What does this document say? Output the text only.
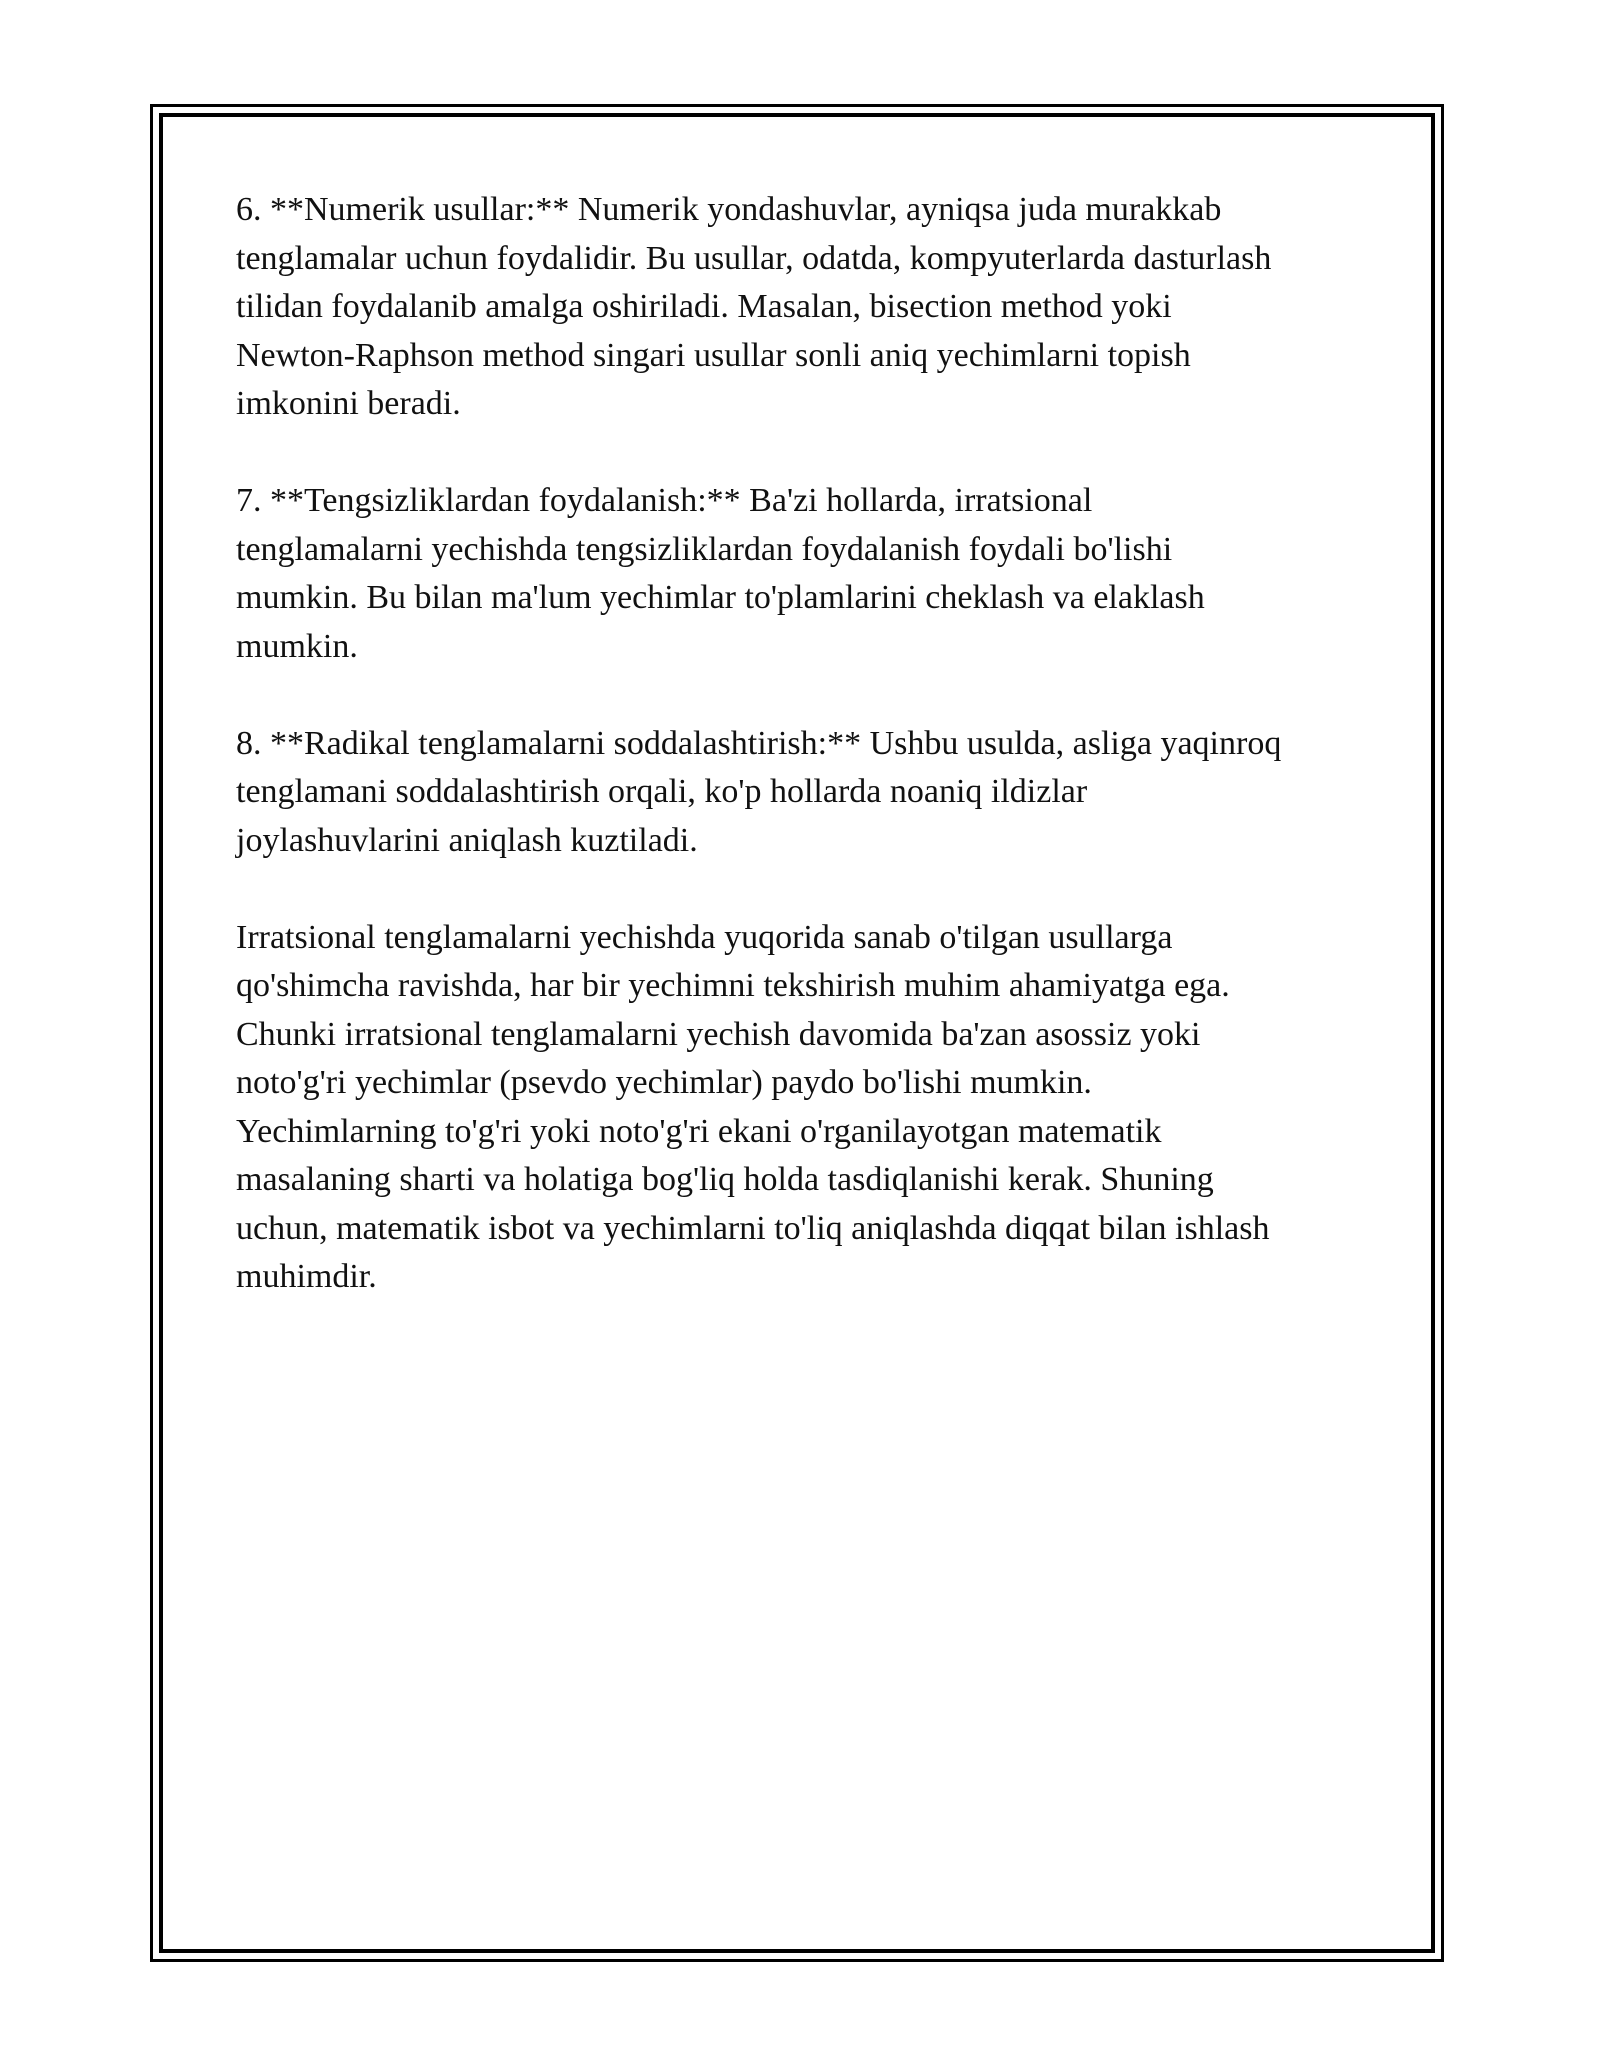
6. **Numerik usullar:** Numerik yondashuvlar, ayniqsa juda murakkab
tenglamalar uchun foydalidir. Bu usullar, odatda, kompyuterlarda dasturlash
tilidan foydalanib amalga oshiriladi. Masalan, bisection method yoki
Newton-Raphson method singari usullar sonli aniq yechimlarni topish
imkonini beradi.

7. **Tengsizliklardan foydalanish:** Ba'zi hollarda, irratsional
tenglamalarni yechishda tengsizliklardan foydalanish foydali bo'lishi
mumkin. Bu bilan ma'lum yechimlar to'plamlarini cheklash va elaklash
mumkin.

8. **Radikal tenglamalarni soddalashtirish:** Ushbu usulda, asliga yaqinroq
tenglamani soddalashtirish orqali, ko'p hollarda noaniq ildizlar
joylashuvlarini aniqlash kuztiladi.

Irratsional tenglamalarni yechishda yuqorida sanab o'tilgan usullarga
qo'shimcha ravishda, har bir yechimni tekshirish muhim ahamiyatga ega.
Chunki irratsional tenglamalarni yechish davomida ba'zan asossiz yoki
noto'g'ri yechimlar (psevdo yechimlar) paydo bo'lishi mumkin.
Yechimlarning to'g'ri yoki noto'g'ri ekani o'rganilayotgan matematik
masalaning sharti va holatiga bog'liq holda tasdiqlanishi kerak. Shuning
uchun, matematik isbot va yechimlarni to'liq aniqlashda diqqat bilan ishlash
muhimdir.
